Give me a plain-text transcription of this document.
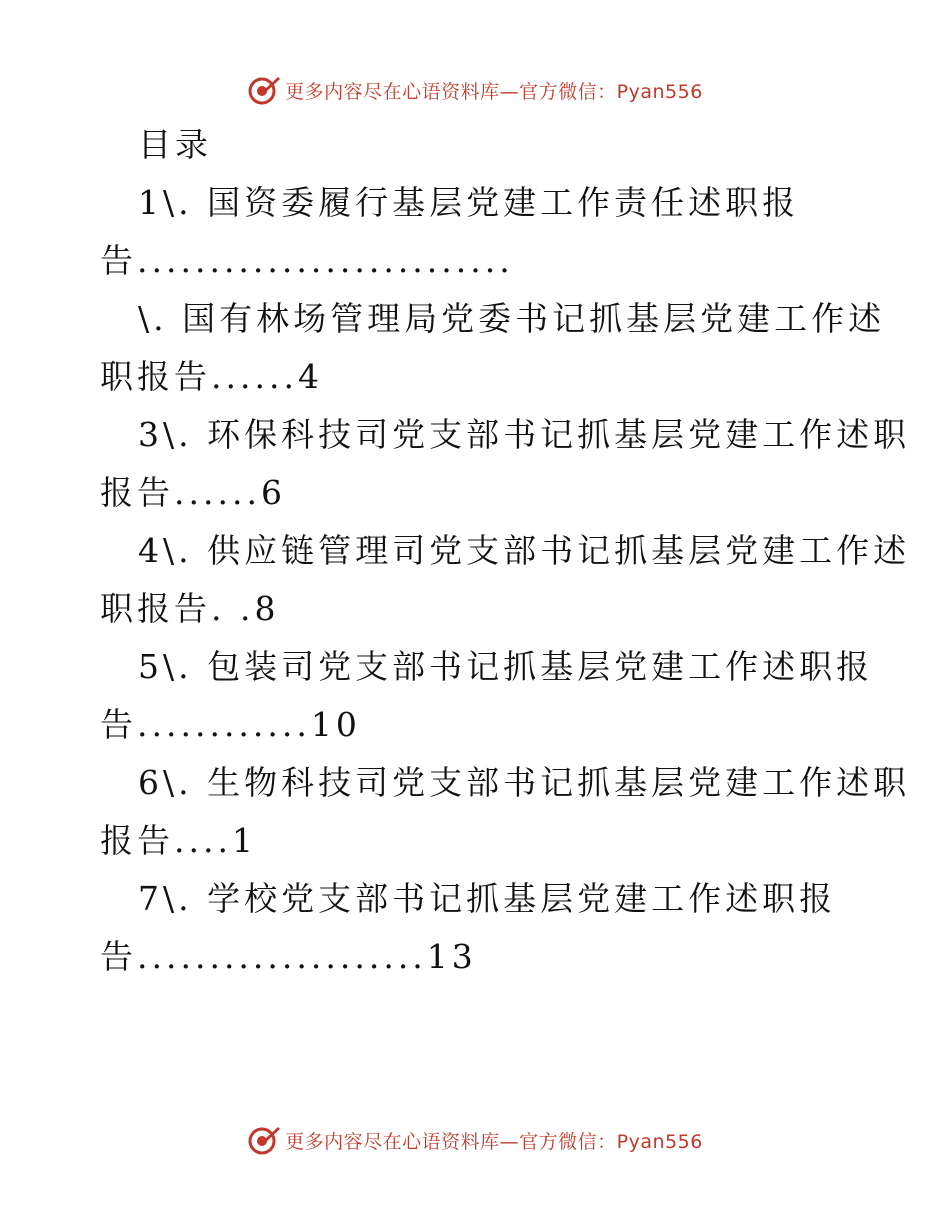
更多内容尽在心语资料库—官方微信：Pyan556
目录
1\. 国资委履行基层党建工作责任述职报
告..........................
\. 国有林场管理局党委书记抓基层党建工作述
职报告......4
3\. 环保科技司党支部书记抓基层党建工作述职
报告......6
4\. 供应链管理司党支部书记抓基层党建工作述
职报告. .8
5\. 包装司党支部书记抓基层党建工作述职报
告............10
6\. 生物科技司党支部书记抓基层党建工作述职
报告....1
7\. 学校党支部书记抓基层党建工作述职报
告....................13
更多内容尽在心语资料库—官方微信：Pyan556
